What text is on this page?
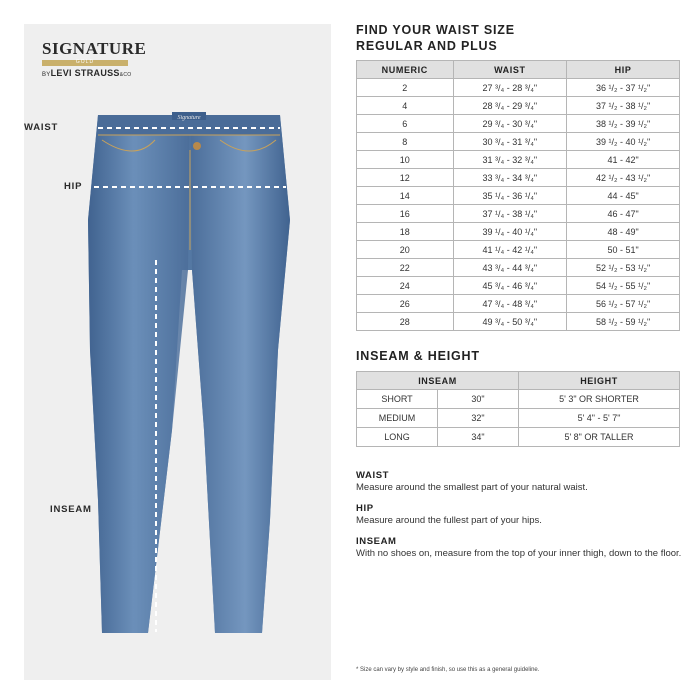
SIGNATURE
GOLD
BYLEVI STRAUSS&CO
WAIST
HIP
INSEAM
Signature
FIND YOUR WAIST SIZE
REGULAR AND PLUS
NUMERIC	WAIST	HIP
2	27 ³/₄ - 28 ³/₄"	36 ¹/₂ - 37 ¹/₂"
4	28 ³/₄ - 29 ³/₄"	37 ¹/₂ - 38 ¹/₂"
6	29 ³/₄ - 30 ³/₄"	38 ¹/₂ - 39 ¹/₂"
8	30 ³/₄ - 31 ³/₄"	39 ¹/₂ - 40 ¹/₂"
10	31 ³/₄ - 32 ³/₄"	41 - 42"
12	33 ³/₄ - 34 ³/₄"	42 ¹/₂ - 43 ¹/₂"
14	35 ¹/₄ - 36 ¹/₄"	44 - 45"
16	37 ¹/₄ - 38 ¹/₄"	46 - 47"
18	39 ¹/₄ - 40 ¹/₄"	48 - 49"
20	41 ¹/₄ - 42 ¹/₄"	50 - 51"
22	43 ³/₄ - 44 ³/₄"	52 ¹/₂ - 53 ¹/₂"
24	45 ³/₄ - 46 ³/₄"	54 ¹/₂ - 55 ¹/₂"
26	47 ³/₄ - 48 ³/₄"	56 ¹/₂ - 57 ¹/₂"
28	49 ³/₄ - 50 ³/₄"	58 ¹/₂ - 59 ¹/₂"
INSEAM & HEIGHT
INSEAM		HEIGHT
SHORT	30"	5' 3" OR SHORTER
MEDIUM	32"	5' 4" - 5' 7"
LONG	34"	5' 8" OR TALLER
WAIST
Measure around the smallest part of your natural waist.
HIP
Measure around the fullest part of your hips.
INSEAM
With no shoes on, measure from the top of your inner thigh, down to the floor.
* Size can vary by style and finish, so use this as a general guideline.
